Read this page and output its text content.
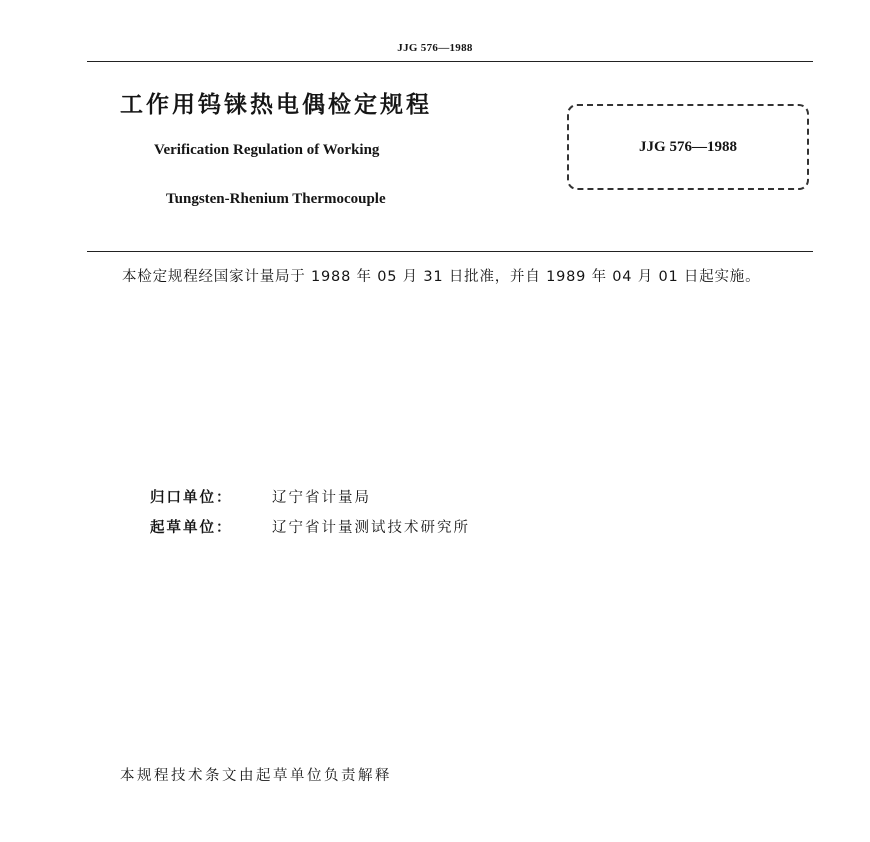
JJG 576—1988
工作用钨铼热电偶检定规程
Verification Regulation of Working
Tungsten-Rhenium Thermocouple
JJG 576—1988
本检定规程经国家计量局于 1988 年 05 月 31 日批准，并自 1989 年 04 月 01 日起实施。
归口单位：	辽宁省计量局
起草单位：	辽宁省计量测试技术研究所
本规程技术条文由起草单位负责解释
